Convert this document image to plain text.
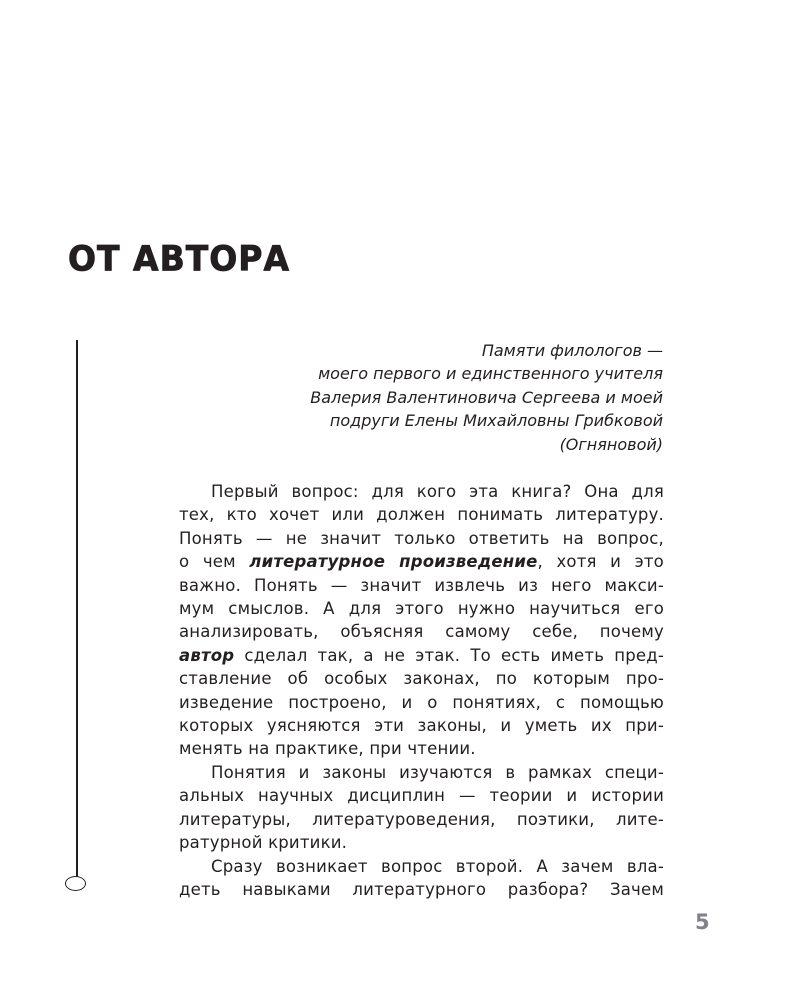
ОТ АВТОРА
Памяти филологов —
моего первого и единственного учителя
Валерия Валентиновича Сергеева и моей
подруги Елены Михайловны Грибковой
(Огняновой)
Первый вопрос: для кого эта книга? Она для
тех, кто хочет или должен понимать литературу.
Понять — не значит только ответить на вопрос,
о чем литературное произведение, хотя и это
важно. Понять — значит извлечь из него макси-
мум смыслов. А для этого нужно научиться его
анализировать, объясняя самому себе, почему
автор сделал так, а не этак. То есть иметь пред-
ставление об особых законах, по которым про-
изведение построено, и о понятиях, с помощью
которых уясняются эти законы, и уметь их при-
менять на практике, при чтении.
Понятия и законы изучаются в рамках специ-
альных научных дисциплин — теории и истории
литературы, литературоведения, поэтики, лите-
ратурной критики.
Сразу возникает вопрос второй. А зачем вла-
деть навыками литературного разбора? Зачем
5
